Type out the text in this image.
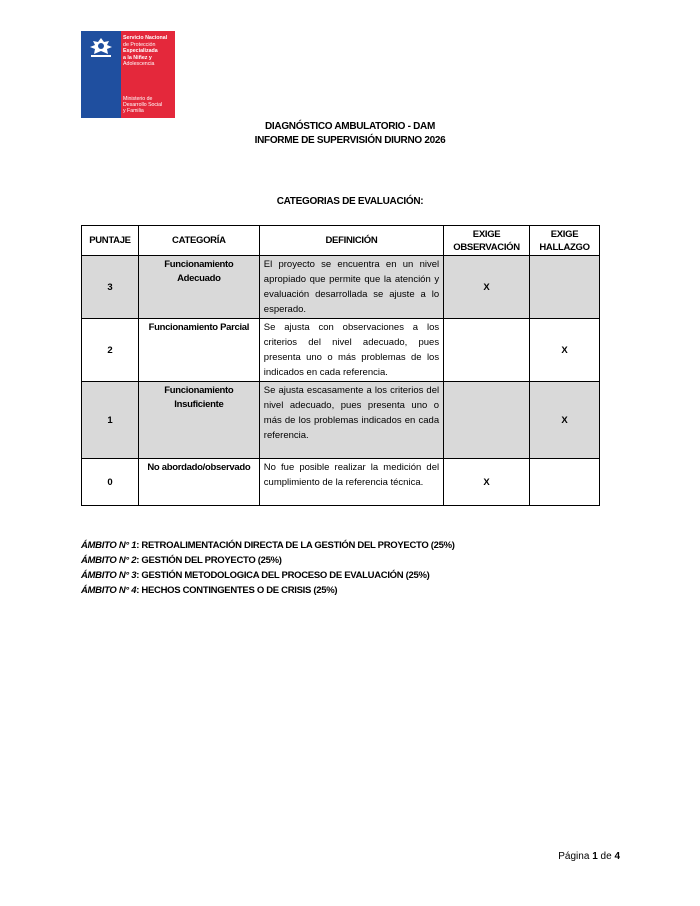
Servicio Nacional
de Protección
Especializada
a la Niñez y
Adolescencia
Ministerio de
Desarrollo Social
y Familia
DIAGNÓSTICO AMBULATORIO - DAM
INFORME DE SUPERVISIÓN DIURNO 2026
CATEGORIAS DE EVALUACIÓN:
PUNTAJE	CATEGORÍA	DEFINICIÓN	EXIGE OBSERVACIÓN	EXIGE HALLAZGO
3	Funcionamiento Adecuado	El proyecto se encuentra en un nivel apropiado que permite que la atención y evaluación desarrollada se ajuste a lo esperado.	X	
2	Funcionamiento Parcial	Se ajusta con observaciones a los criterios del nivel adecuado, pues presenta uno o más problemas de los indicados en cada referencia.		X
1	Funcionamiento Insuficiente	Se ajusta escasamente a los criterios del nivel adecuado, pues presenta uno o más de los problemas indicados en cada referencia.		X
0	No abordado/observado	No fue posible realizar la medición del cumplimiento de la referencia técnica.	X	
ÁMBITO N° 1: RETROALIMENTACIÓN DIRECTA DE LA GESTIÓN DEL PROYECTO (25%)
ÁMBITO N° 2: GESTIÓN DEL PROYECTO (25%)
ÁMBITO N° 3: GESTIÓN METODOLOGICA DEL PROCESO DE EVALUACIÓN (25%)
ÁMBITO N° 4: HECHOS CONTINGENTES O DE CRISIS (25%)
Página 1 de 4
